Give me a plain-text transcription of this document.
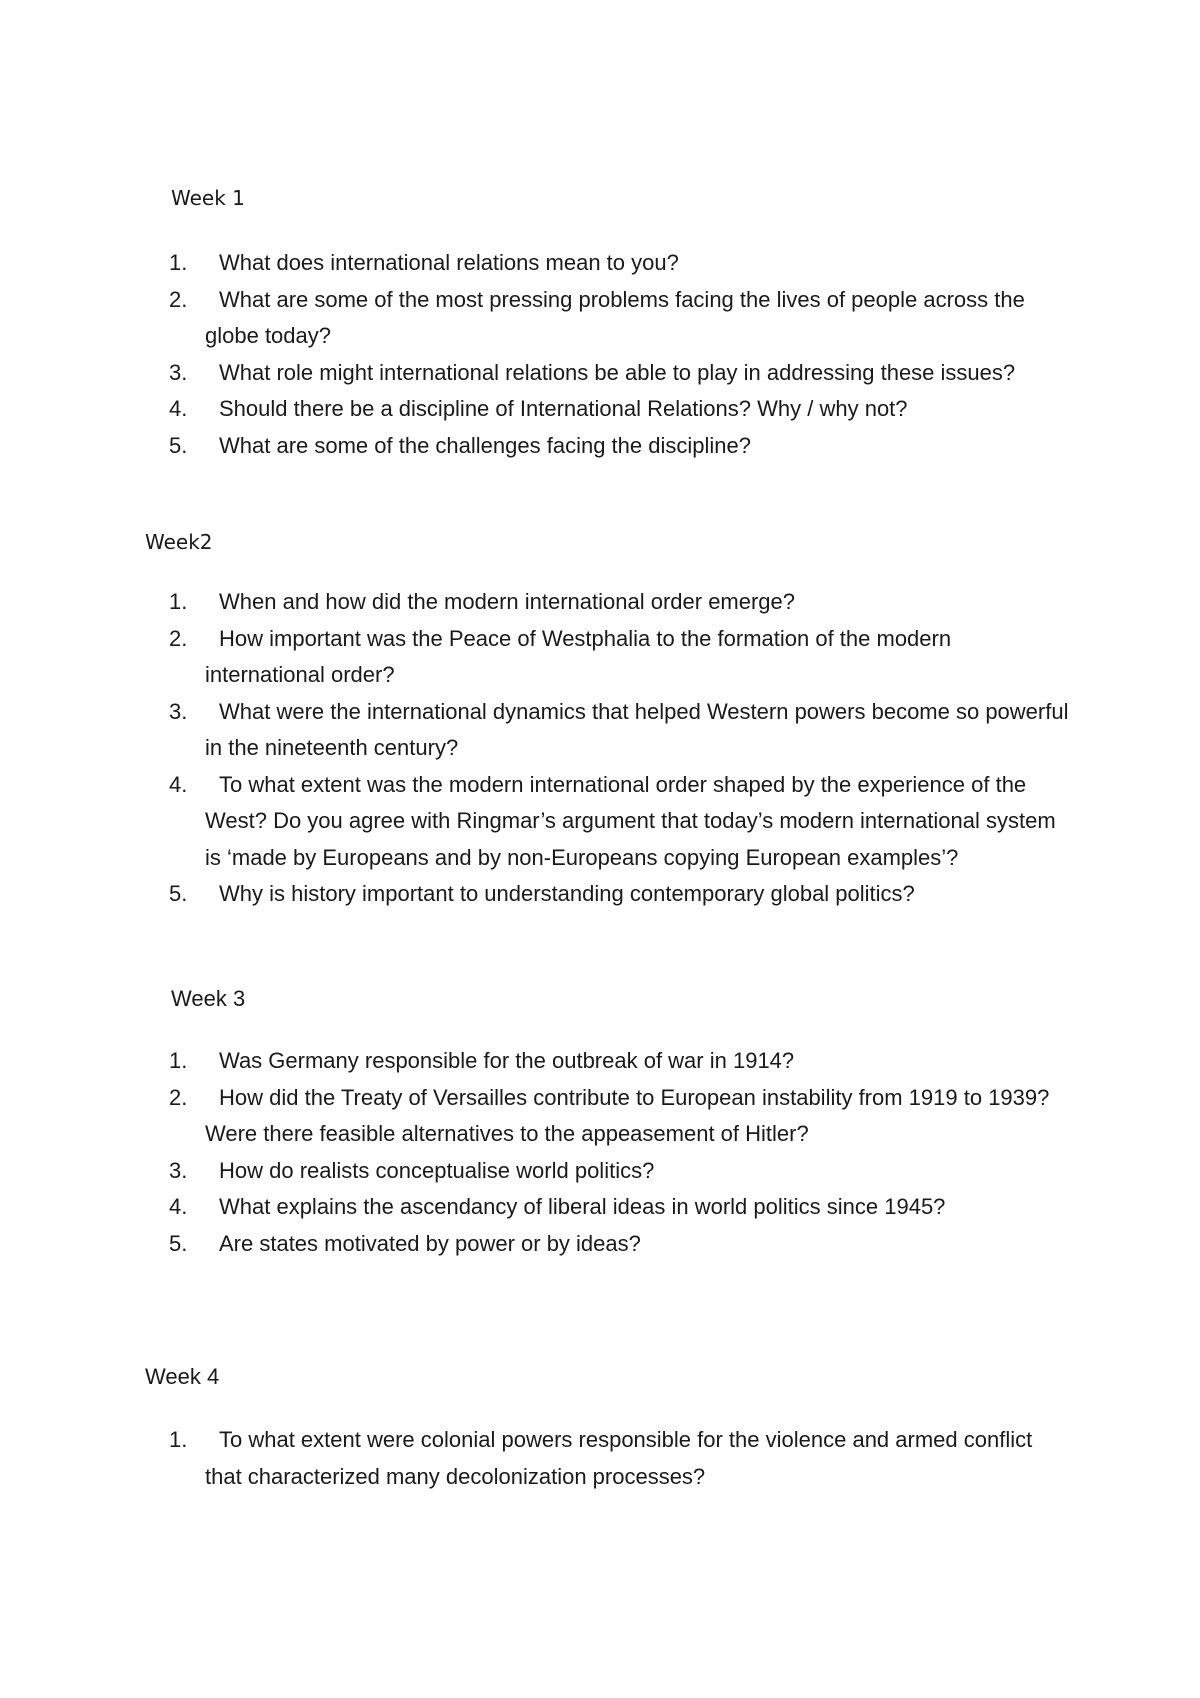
Week 1
1.	What does international relations mean to you?
2.	What are some of the most pressing problems facing the lives of people across the globe today?
3.	What role might international relations be able to play in addressing these issues?
4.	Should there be a discipline of International Relations? Why / why not?
5.	What are some of the challenges facing the discipline?
Week2
1.	When and how did the modern international order emerge?
2.	How important was the Peace of Westphalia to the formation of the modern international order?
3.	What were the international dynamics that helped Western powers become so powerful in the nineteenth century?
4.	To what extent was the modern international order shaped by the experience of the West? Do you agree with Ringmar’s argument that today’s modern international system is ‘made by Europeans and by non-Europeans copying European examples’?
5.	Why is history important to understanding contemporary global politics?
Week 3
1.	Was Germany responsible for the outbreak of war in 1914?
2.	How did the Treaty of Versailles contribute to European instability from 1919 to 1939? Were there feasible alternatives to the appeasement of Hitler?
3.	How do realists conceptualise world politics?
4.	What explains the ascendancy of liberal ideas in world politics since 1945?
5.	Are states motivated by power or by ideas?
Week 4
1.	To what extent were colonial powers responsible for the violence and armed conflict that characterized many decolonization processes?
